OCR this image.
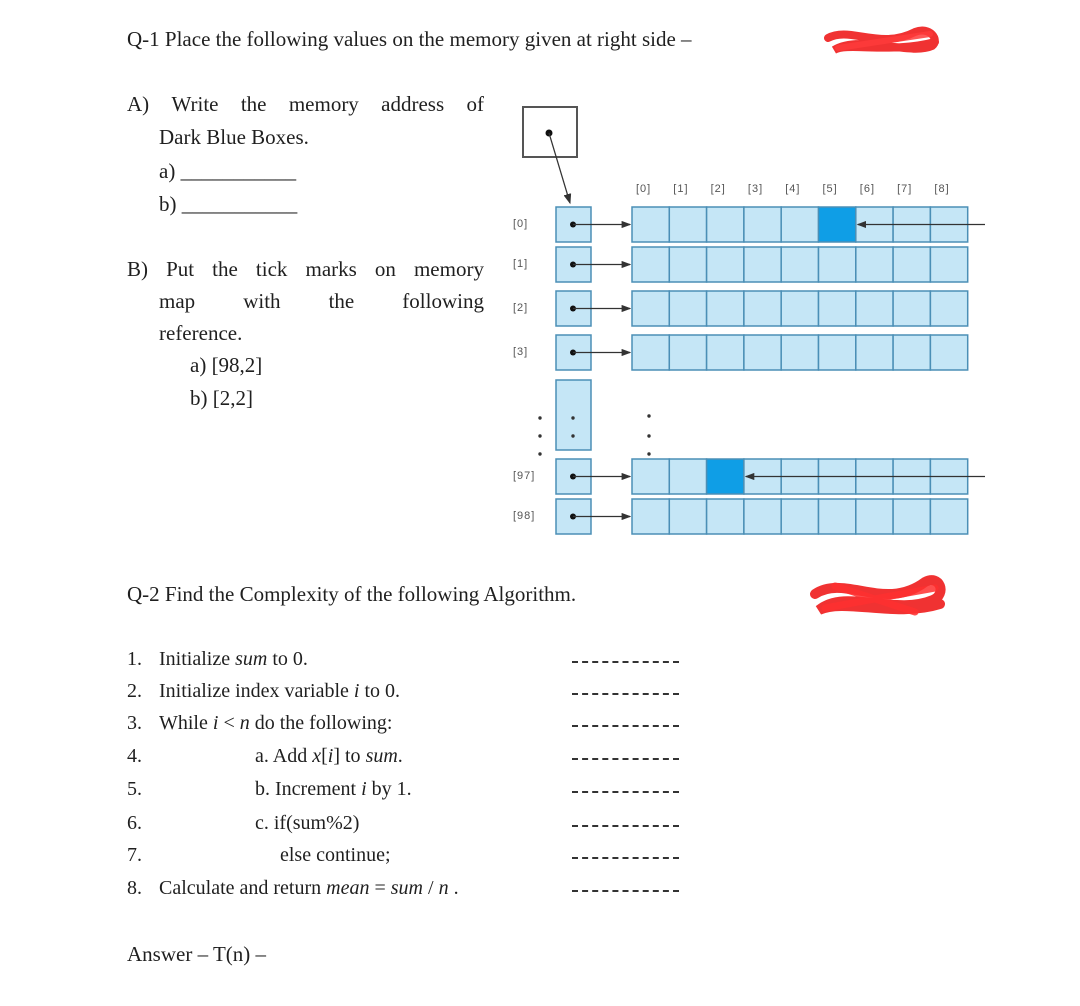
Q-1 Place the following values on the memory given at right side –
A) Write the memory address of
Dark Blue Boxes.
a) ___________
b) ___________
B) Put the tick marks on memory
map with the following
reference.
a) [98,2]
b) [2,2]
[0] [1] [2] [3] [4] [5] [6] [7] [8]
[0]
[1]
[2]
[3]
[97]
[98]
Q-2 Find the Complexity of the following Algorithm.
1. Initialize sum to 0.
2. Initialize index variable i to 0.
3. While i < n do the following:
4.	a. Add x[i] to sum.
5.	b. Increment i by 1.
6.	c. if(sum%2)
7.	else continue;
8. Calculate and return mean = sum / n .
Answer – T(n) –
